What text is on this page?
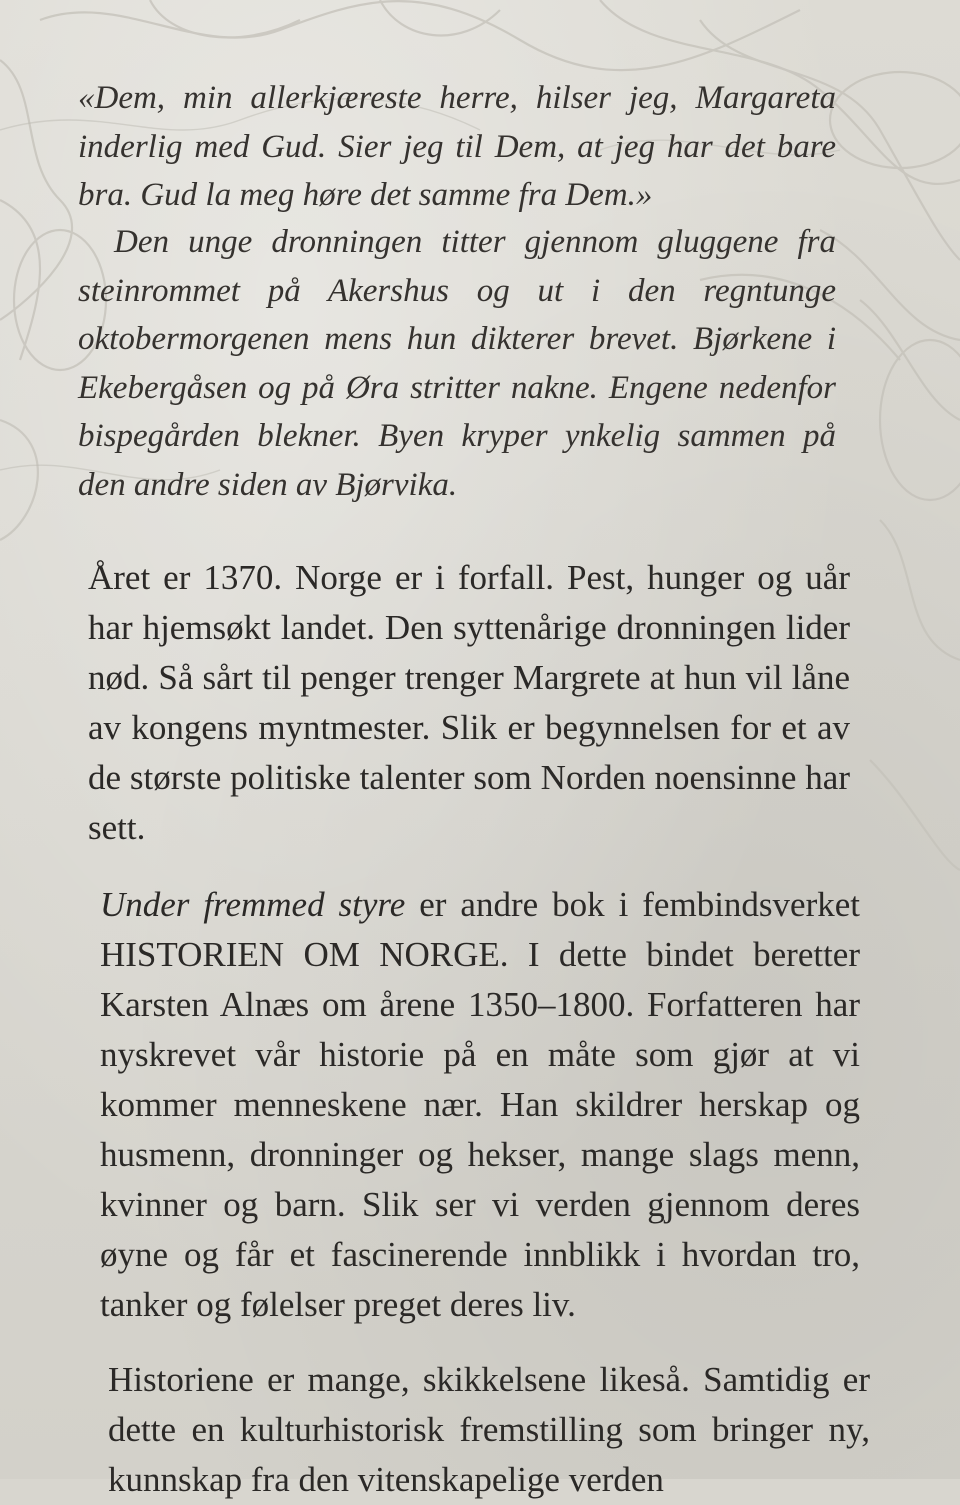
«Dem, min allerkjæreste herre, hilser jeg, Margareta inderlig med Gud. Sier jeg til Dem, at jeg har det bare bra. Gud la meg høre det samme fra Dem.»

Den unge dronningen titter gjennom gluggene fra steinrommet på Akershus og ut i den regntunge oktobermorgenen mens hun dikterer brevet. Bjørkene i Ekebergåsen og på Øra stritter nakne. Engene nedenfor bispegården blekner. Byen kryper ynkelig sammen på den andre siden av Bjørvika.

Året er 1370. Norge er i forfall. Pest, hunger og uår har hjemsøkt landet. Den syttenårige dronningen lider nød. Så sårt til penger trenger Margrete at hun vil låne av kongens myntmester. Slik er begynnelsen for et av de største politiske talenter som Norden noensinne har sett.

Under fremmed styre er andre bok i fembindsverket HISTORIEN OM NORGE. I dette bindet beretter Karsten Alnæs om årene 1350–1800. Forfatteren har nyskrevet vår historie på en måte som gjør at vi kommer menneskene nær. Han skildrer herskap og husmenn, dronninger og hekser, mange slags menn, kvinner og barn. Slik ser vi verden gjennom deres øyne og får et fascinerende innblikk i hvordan tro, tanker og følelser preget deres liv.

Historiene er mange, skikkelsene likeså. Samtidig er dette en kulturhistorisk fremstilling som bringer ny, kunnskap fra den vitenskapelige verden
